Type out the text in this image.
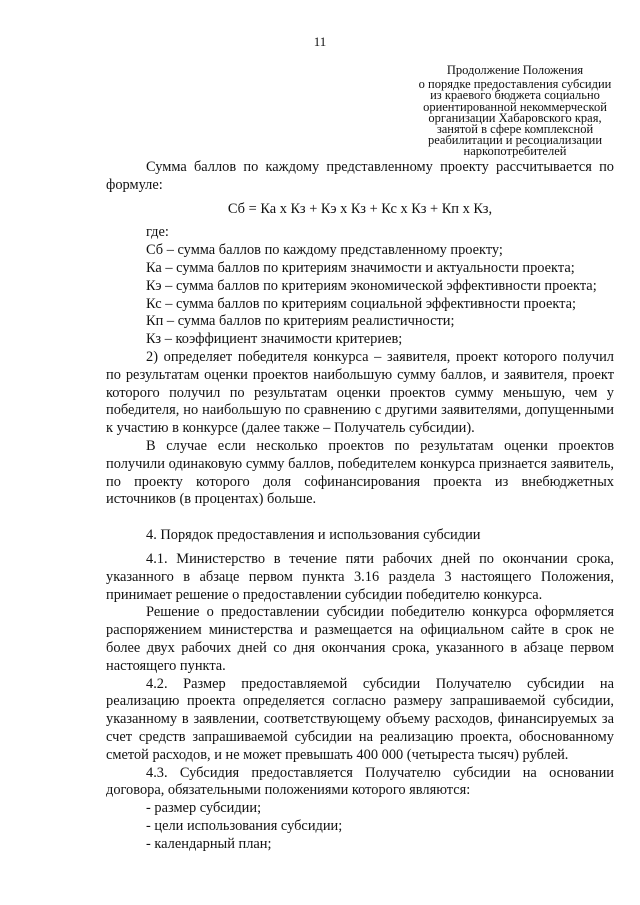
11
Продолжение Положения
о порядке предоставления субсидии
из краевого бюджета социально
ориентированной некоммерческой
организации Хабаровского края,
занятой в сфере комплексной
реабилитации и ресоциализации
наркопотребителей

Сумма баллов по каждому представленному проекту рассчитывается по формуле:

Сб = Ка х Кз + Кэ х Кз + Кс х Кз + Кп х Кз,

где:

Сб – сумма баллов по каждому представленному проекту;

Ка – сумма баллов по критериям значимости и актуальности проекта;

Кэ – сумма баллов по критериям экономической эффективности проекта;

Кс – сумма баллов по критериям социальной эффективности проекта;

Кп – сумма баллов по критериям реалистичности;

Кз – коэффициент значимости критериев;

2) определяет победителя конкурса – заявителя, проект которого получил по результатам оценки проектов наибольшую сумму баллов, и заявителя, проект которого получил по результатам оценки проектов сумму меньшую, чем у победителя, но наибольшую по сравнению с другими заявителями, допущенными к участию в конкурсе (далее также – Получатель субсидии).

В случае если несколько проектов по результатам оценки проектов получили одинаковую сумму баллов, победителем конкурса признается заявитель, по проекту которого доля софинансирования проекта из внебюджетных источников (в процентах) больше.

4. Порядок предоставления и использования субсидии

4.1. Министерство в течение пяти рабочих дней по окончании срока, указанного в абзаце первом пункта 3.16 раздела 3 настоящего Положения, принимает решение о предоставлении субсидии победителю конкурса.

Решение о предоставлении субсидии победителю конкурса оформляется распоряжением министерства и размещается на официальном сайте в срок не более двух рабочих дней со дня окончания срока, указанного в абзаце первом настоящего пункта.

4.2. Размер предоставляемой субсидии Получателю субсидии на реализацию проекта определяется согласно размеру запрашиваемой субсидии, указанному в заявлении, соответствующему объему расходов, финансируемых за счет средств запрашиваемой субсидии на реализацию проекта, обоснованному сметой расходов, и не может превышать 400 000 (четыреста тысяч) рублей.

4.3. Субсидия предоставляется Получателю субсидии на основании договора, обязательными положениями которого являются:

- размер субсидии;

- цели использования субсидии;

- календарный план;
